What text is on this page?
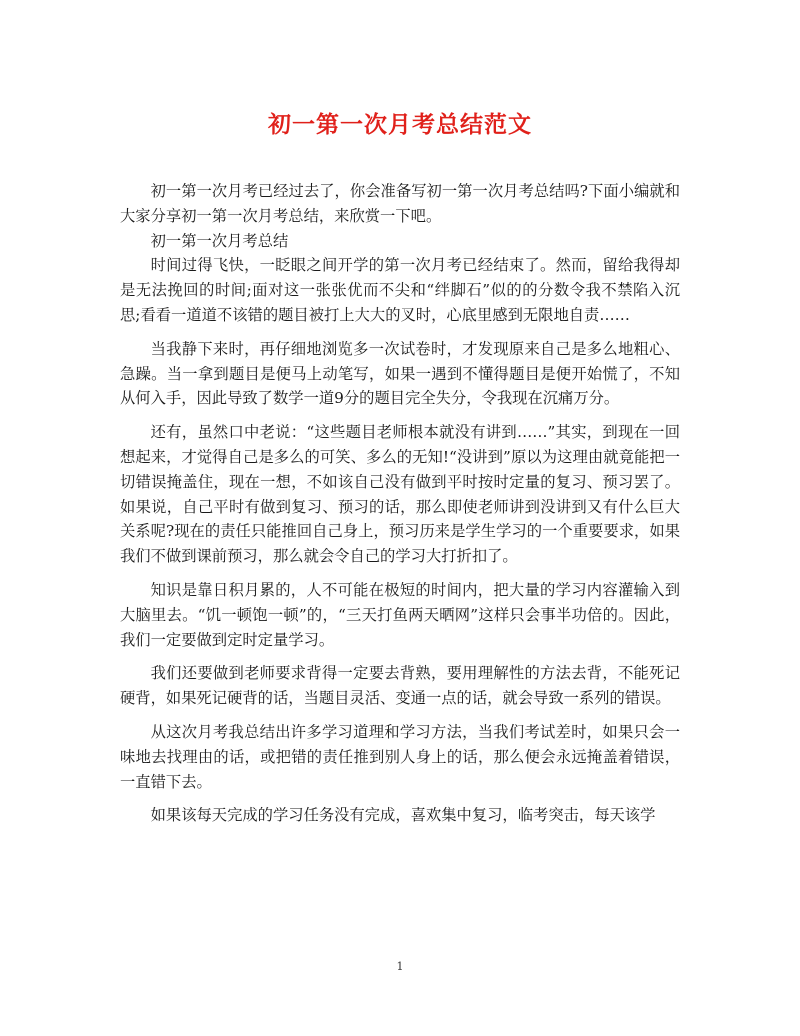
初一第一次月考总结范文

初一第一次月考已经过去了，你会准备写初一第一次月考总结吗?下面小编就和大家分享初一第一次月考总结，来欣赏一下吧。

初一第一次月考总结

时间过得飞快，一眨眼之间开学的第一次月考已经结束了。然而，留给我得却是无法挽回的时间;面对这一张张优而不尖和“绊脚石”似的的分数令我不禁陷入沉思;看看一道道不该错的题目被打上大大的叉时，心底里感到无限地自责……

当我静下来时，再仔细地浏览多一次试卷时，才发现原来自己是多么地粗心、急躁。当一拿到题目是便马上动笔写，如果一遇到不懂得题目是便开始慌了，不知从何入手，因此导致了数学一道9分的题目完全失分，令我现在沉痛万分。

还有，虽然口中老说：“这些题目老师根本就没有讲到……”其实，到现在一回想起来，才觉得自己是多么的可笑、多么的无知!“没讲到”原以为这理由就竟能把一切错误掩盖住，现在一想，不如该自己没有做到平时按时定量的复习、预习罢了。如果说，自己平时有做到复习、预习的话，那么即使老师讲到没讲到又有什么巨大关系呢?现在的责任只能推回自己身上，预习历来是学生学习的一个重要要求，如果我们不做到课前预习，那么就会令自己的学习大打折扣了。

知识是靠日积月累的，人不可能在极短的时间内，把大量的学习内容灌输入到大脑里去。“饥一顿饱一顿”的，“三天打鱼两天晒网”这样只会事半功倍的。因此，我们一定要做到定时定量学习。

我们还要做到老师要求背得一定要去背熟，要用理解性的方法去背，不能死记硬背，如果死记硬背的话，当题目灵活、变通一点的话，就会导致一系列的错误。

从这次月考我总结出许多学习道理和学习方法，当我们考试差时，如果只会一味地去找理由的话，或把错的责任推到别人身上的话，那么便会永远掩盖着错误，一直错下去。

如果该每天完成的学习任务没有完成，喜欢集中复习，临考突击，每天该学

1
